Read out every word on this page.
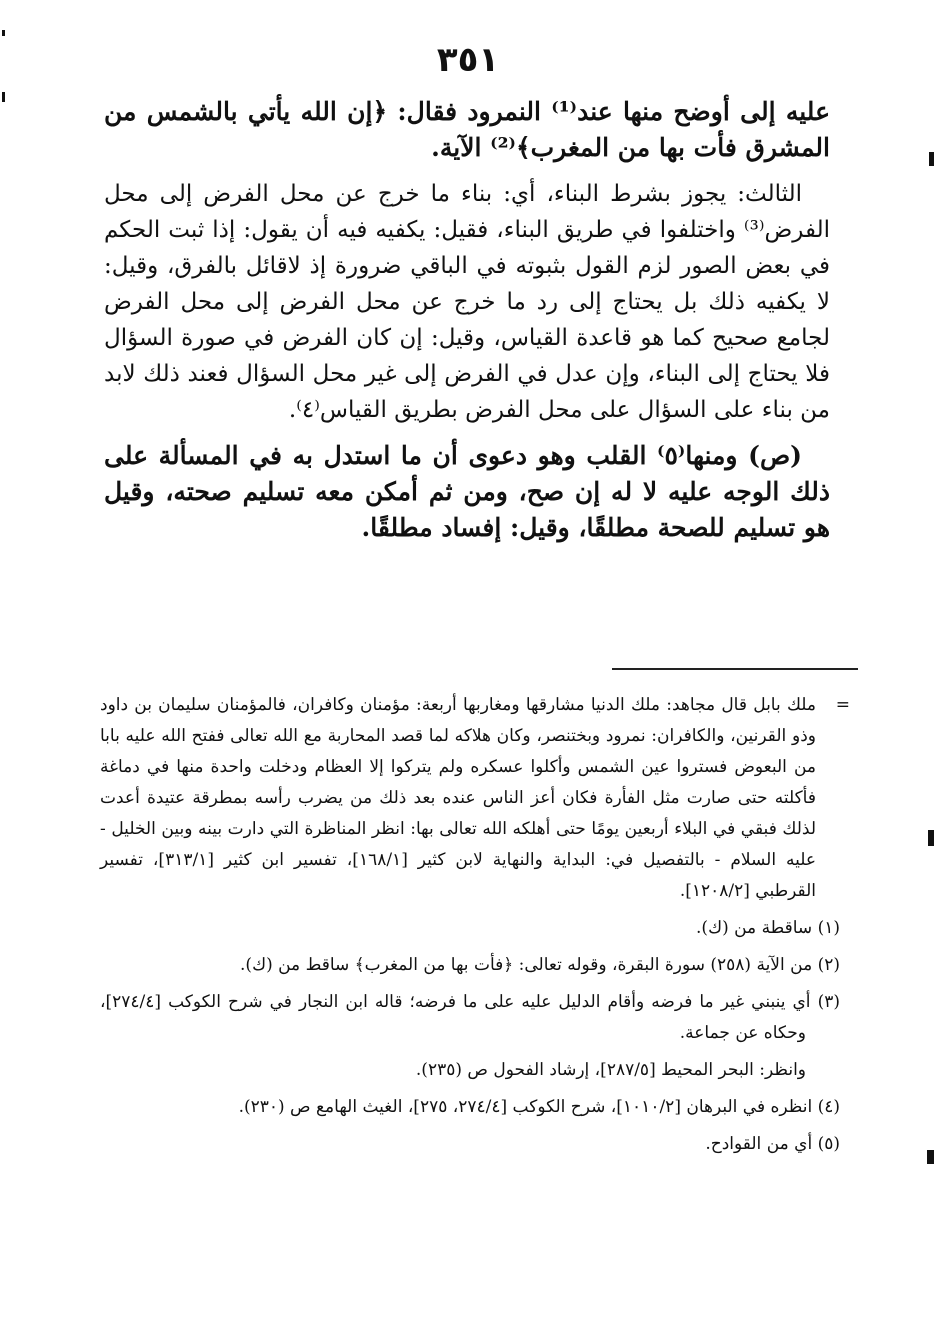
٣٥١

عليه إلى أوضح منها عند⁽¹⁾ النمرود فقال: ﴿إن الله يأتي بالشمس من المشرق فأت بها من المغرب﴾⁽²⁾ الآية.

الثالث: يجوز بشرط البناء، أي: بناء ما خرج عن محل الفرض إلى محل الفرض⁽³⁾ واختلفوا في طريق البناء، فقيل: يكفيه فيه أن يقول: إذا ثبت الحكم في بعض الصور لزم القول بثبوته في الباقي ضرورة إذ لاقائل بالفرق، وقيل: لا يكفيه ذلك بل يحتاج إلى رد ما خرج عن محل الفرض إلى محل الفرض لجامع صحيح كما هو قاعدة القياس، وقيل: إن كان الفرض في صورة السؤال فلا يحتاج إلى البناء، وإن عدل في الفرض إلى غير محل السؤال فعند ذلك لابد من بناء على السؤال على محل الفرض بطريق القياس⁽٤⁾.

(ص) ومنها⁽٥⁾ القلب وهو دعوى أن ما استدل به في المسألة على ذلك الوجه عليه لا له إن صح، ومن ثم أمكن معه تسليم صحته، وقيل هو تسليم للصحة مطلقًا، وقيل: إفساد مطلقًا.

=
ملك بابل قال مجاهد: ملك الدنيا مشارقها ومغاربها أربعة: مؤمنان وكافران، فالمؤمنان سليمان بن داود وذو القرنين، والكافران: نمرود وبختنصر، وكان هلاكه لما قصد المحاربة مع الله تعالى ففتح الله عليه بابا من البعوض فستروا عين الشمس وأكلوا عسكره ولم يتركوا إلا العظام ودخلت واحدة منها في دماغة فأكلته حتى صارت مثل الفأرة فكان أعز الناس عنده بعد ذلك من يضرب رأسه بمطرقة عتيدة أعدت لذلك فبقي في البلاء أربعين يومًا حتى أهلكه الله تعالى بها: انظر المناظرة التي دارت بينه وبين الخليل - عليه السلام - بالتفصيل في: البداية والنهاية لابن كثير [١٦٨/١]، تفسير ابن كثير [٣١٣/١]، تفسير القرطبي [١٢٠٨/٢].

(١) ساقطة من (ك).

(٢) من الآية (٢٥٨) سورة البقرة، وقوله تعالى: ﴿فأت بها من المغرب﴾ ساقط من (ك).

(٣) أي ينبني غير ما فرضه وأقام الدليل عليه على ما فرضه؛ قاله ابن النجار في شرح الكوكب [٢٧٤/٤]، وحكاه عن جماعة.

وانظر: البحر المحيط [٢٨٧/٥]، إرشاد الفحول ص (٢٣٥).

(٤) انظره في البرهان [١٠١٠/٢]، شرح الكوكب [٢٧٤/٤، ٢٧٥]، الغيث الهامع ص (٢٣٠).

(٥) أي من القوادح.
